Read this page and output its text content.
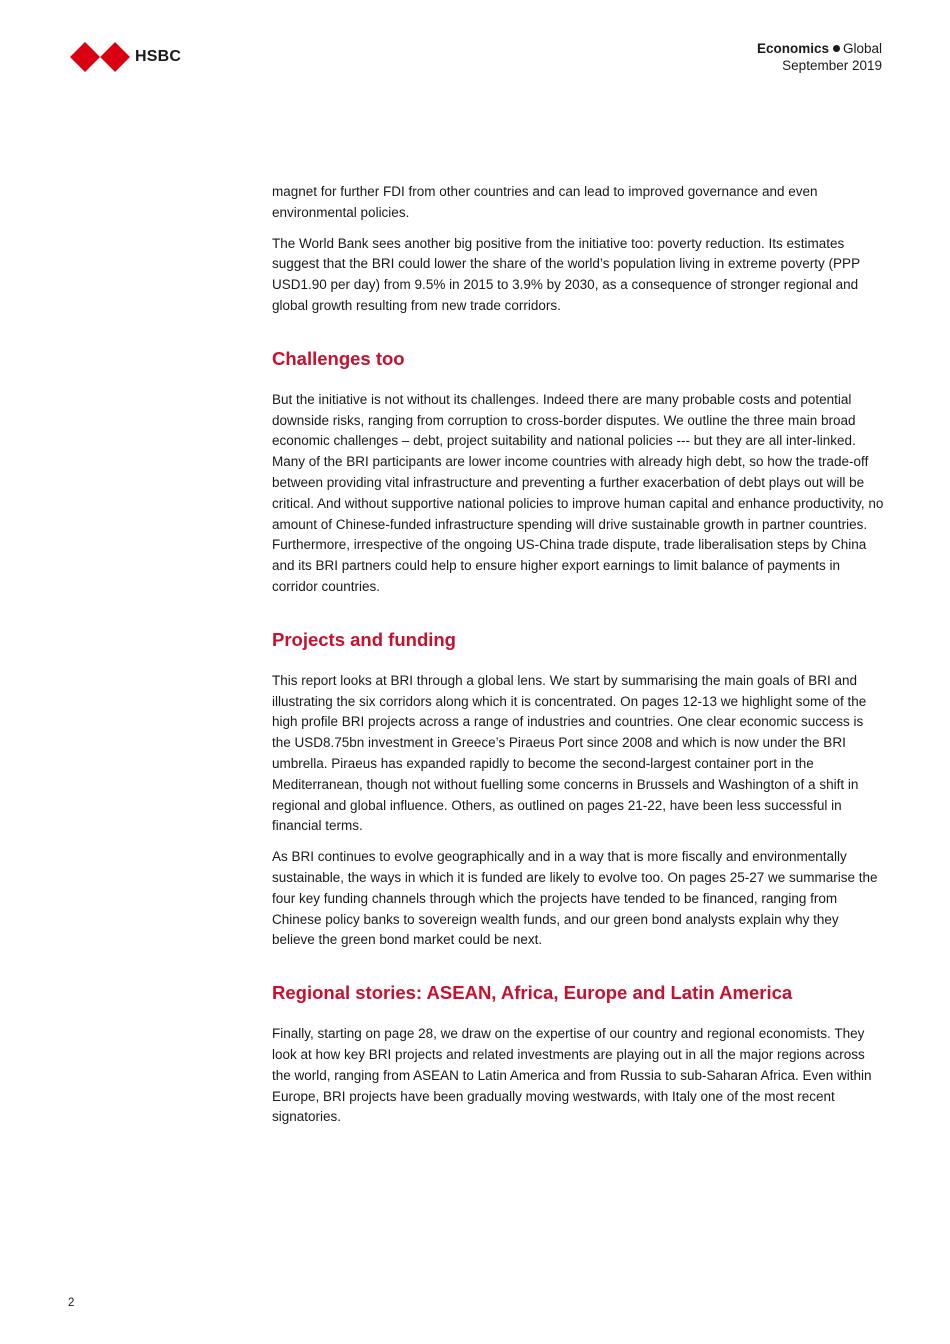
HSBC	Economics Global
September 2019

magnet for further FDI from other countries and can lead to improved governance and even environmental policies.

The World Bank sees another big positive from the initiative too: poverty reduction. Its estimates suggest that the BRI could lower the share of the world’s population living in extreme poverty (PPP USD1.90 per day) from 9.5% in 2015 to 3.9% by 2030, as a consequence of stronger regional and global growth resulting from new trade corridors.

Challenges too

But the initiative is not without its challenges. Indeed there are many probable costs and potential downside risks, ranging from corruption to cross-border disputes. We outline the three main broad economic challenges – debt, project suitability and national policies --- but they are all inter-linked. Many of the BRI participants are lower income countries with already high debt, so how the trade-off between providing vital infrastructure and preventing a further exacerbation of debt plays out will be critical. And without supportive national policies to improve human capital and enhance productivity, no amount of Chinese-funded infrastructure spending will drive sustainable growth in partner countries. Furthermore, irrespective of the ongoing US-China trade dispute, trade liberalisation steps by China and its BRI partners could help to ensure higher export earnings to limit balance of payments in corridor countries.

Projects and funding

This report looks at BRI through a global lens. We start by summarising the main goals of BRI and illustrating the six corridors along which it is concentrated. On pages 12-13 we highlight some of the high profile BRI projects across a range of industries and countries. One clear economic success is the USD8.75bn investment in Greece’s Piraeus Port since 2008 and which is now under the BRI umbrella. Piraeus has expanded rapidly to become the second-largest container port in the Mediterranean, though not without fuelling some concerns in Brussels and Washington of a shift in regional and global influence. Others, as outlined on pages 21-22, have been less successful in financial terms.

As BRI continues to evolve geographically and in a way that is more fiscally and environmentally sustainable, the ways in which it is funded are likely to evolve too. On pages 25-27 we summarise the four key funding channels through which the projects have tended to be financed, ranging from Chinese policy banks to sovereign wealth funds, and our green bond analysts explain why they believe the green bond market could be next.

Regional stories: ASEAN, Africa, Europe and Latin America

Finally, starting on page 28, we draw on the expertise of our country and regional economists. They look at how key BRI projects and related investments are playing out in all the major regions across the world, ranging from ASEAN to Latin America and from Russia to sub-Saharan Africa. Even within Europe, BRI projects have been gradually moving westwards, with Italy one of the most recent signatories.

2
